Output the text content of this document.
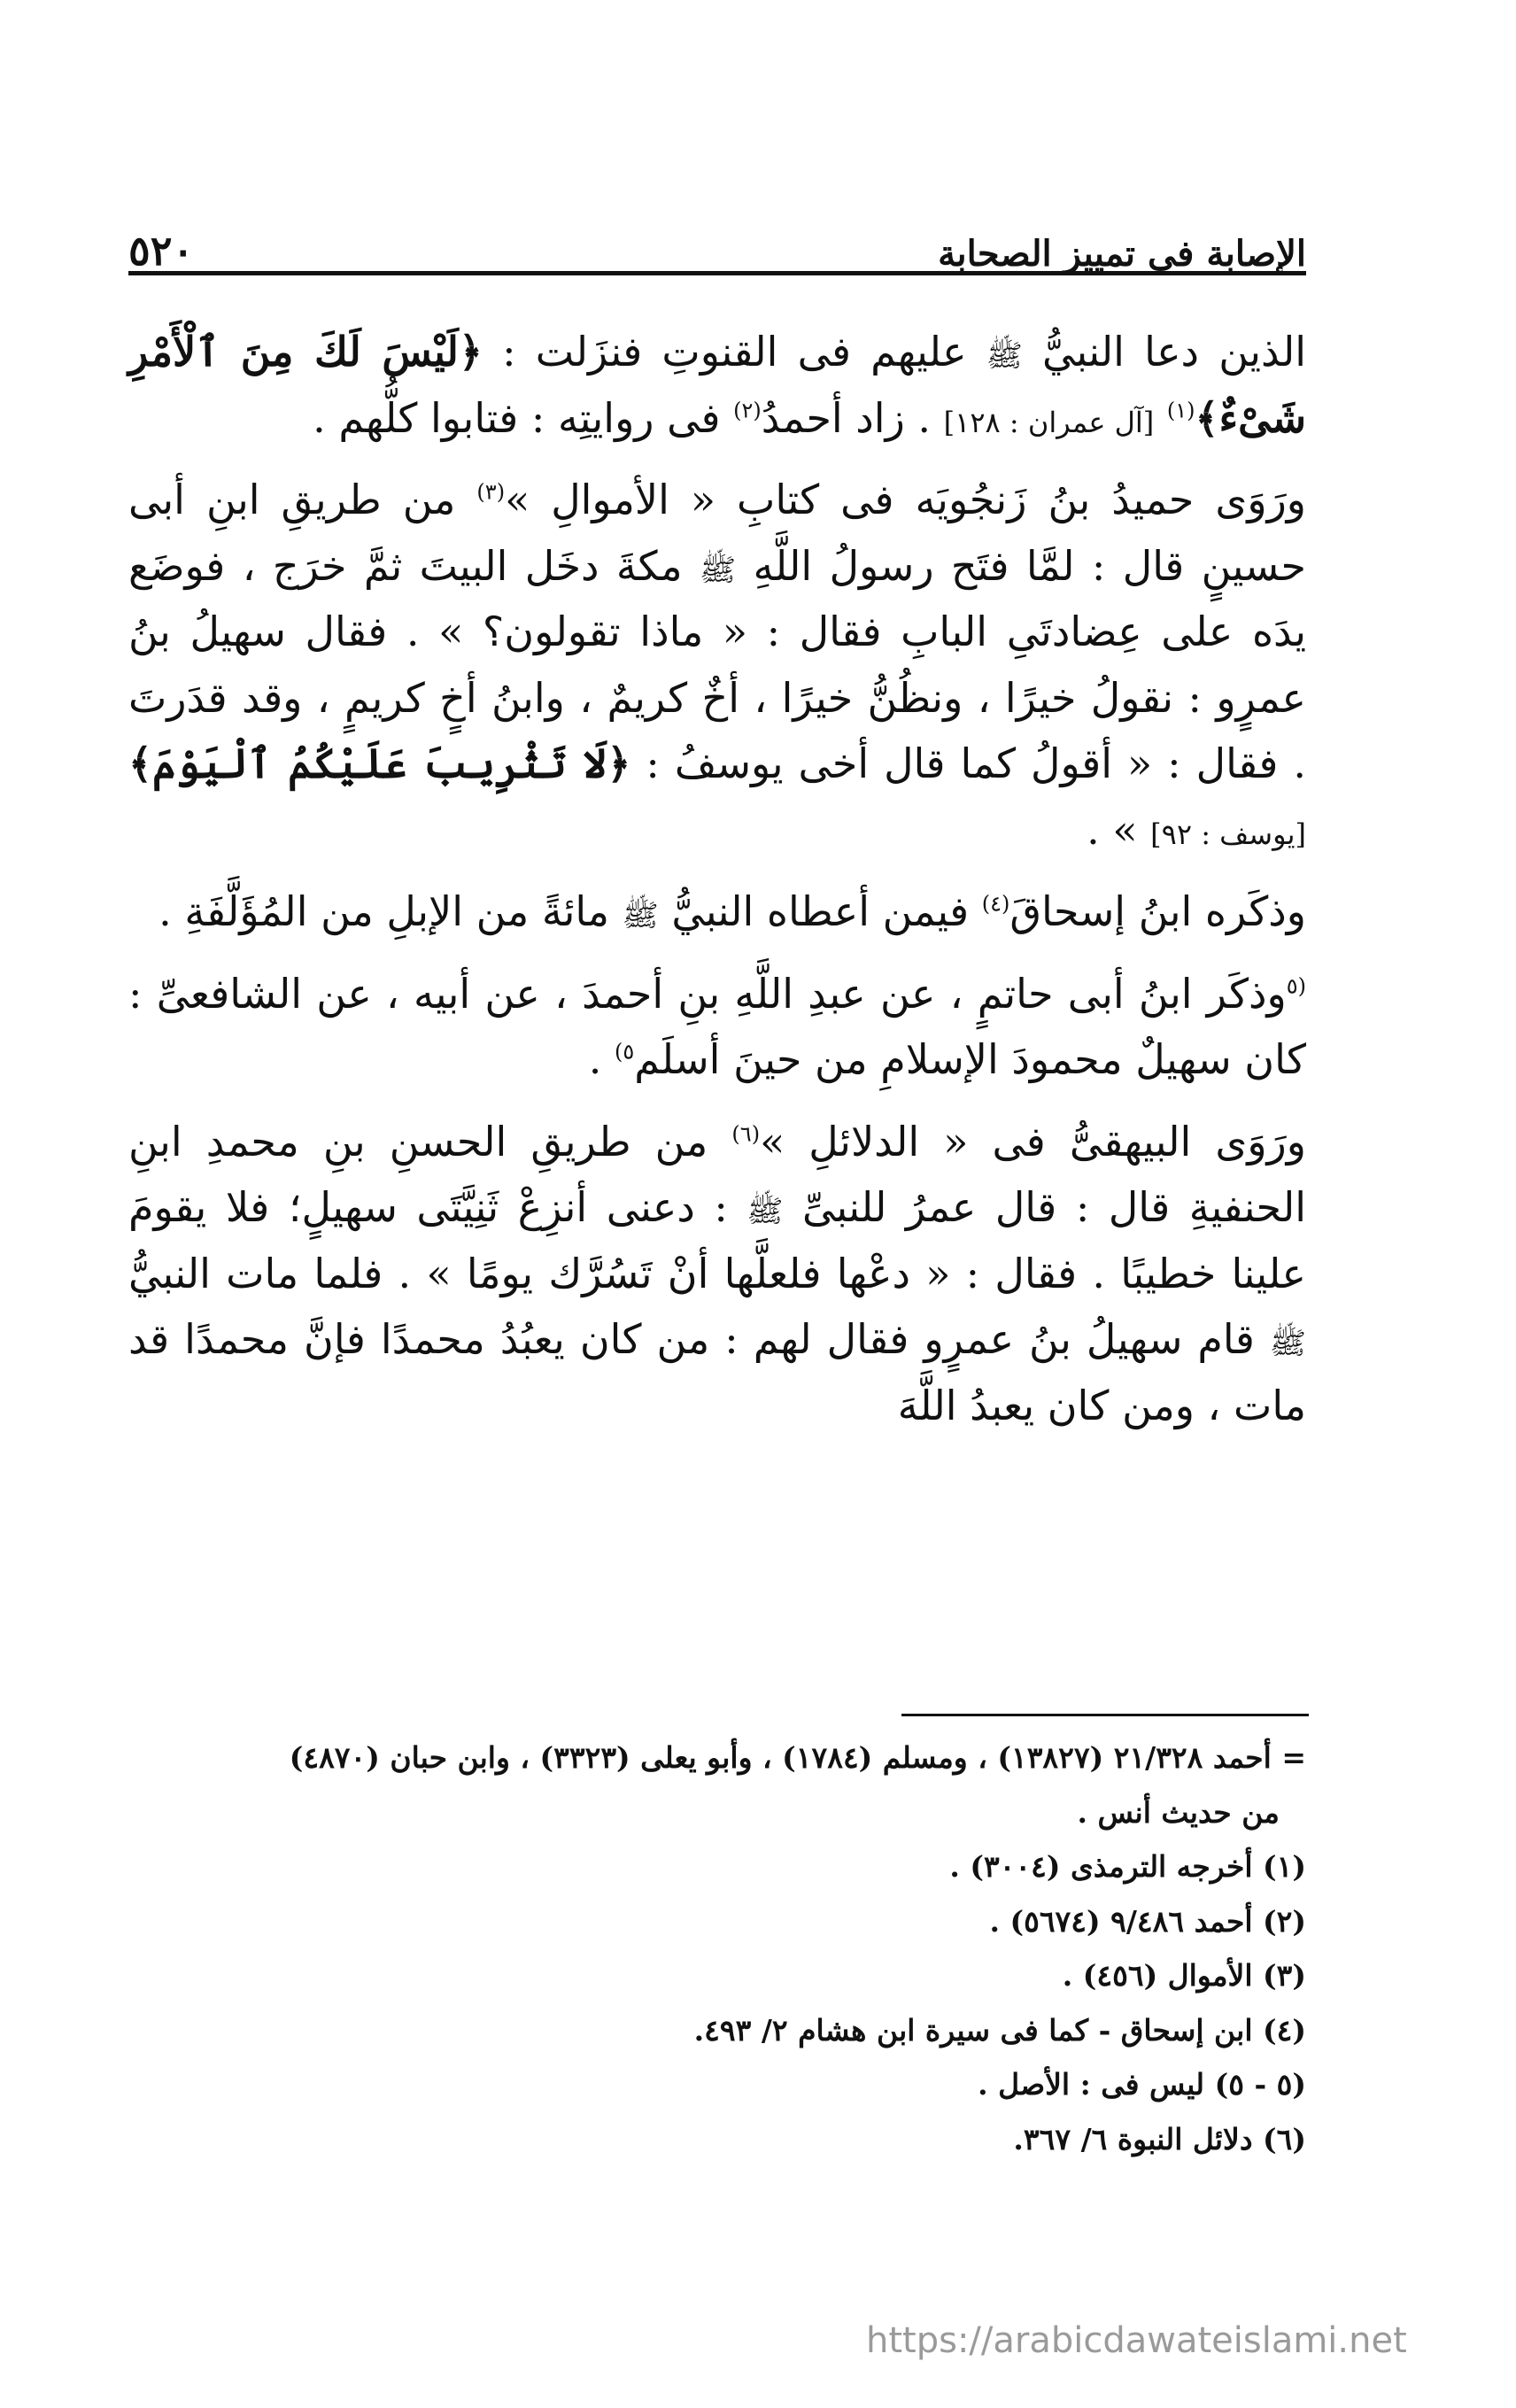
الإصابة فى تمييز الصحابة
٥٢٠

الذين دعا النبيُّ ﷺ عليهم فى القنوتِ فنزَلت : ﴿لَيْسَ لَكَ مِنَ ٱلْأَمْرِ شَىْءٌ﴾$^{(١)}$ [آل عمران : ١٢٨] . زاد أحمدُ$^{(٢)}$ فى روايتِه : فتابوا كلُّهم .

ورَوَى حميدُ بنُ زَنجُويَه فى كتابِ « الأموالِ »$^{(٣)}$ من طريقِ ابنِ أبى حسينٍ قال : لمَّا فتَح رسولُ اللَّهِ ﷺ مكةَ دخَل البيتَ ثمَّ خرَج ، فوضَع يدَه على عِضادتَىِ البابِ فقال : « ماذا تقولون؟ » . فقال سهيلُ بنُ عمرٍو : نقولُ خيرًا ، ونظُنُّ خيرًا ، أخٌ كريمٌ ، وابنُ أخٍ كريمٍ ، وقد قدَرتَ . فقال : « أقولُ كما قال أخى يوسفُ : ﴿لَا تَثْرِيبَ عَلَيْكُمُ ٱلْيَوْمَ﴾ [يوسف : ٩٢] » .

وذكَره ابنُ إسحاقَ$^{(٤)}$ فيمن أعطاه النبيُّ ﷺ مائةً من الإبلِ من المُؤَلَّفَةِ .

$^{(٥}$وذكَر ابنُ أبى حاتمٍ ، عن عبدِ اللَّهِ بنِ أحمدَ ، عن أبيه ، عن الشافعىِّ : كان سهيلٌ محمودَ الإسلامِ من حينَ أسلَم$^{٥)}$ .

ورَوَى البيهقىُّ فى « الدلائلِ »$^{(٦)}$ من طريقِ الحسنِ بنِ محمدِ ابنِ الحنفيةِ قال : قال عمرُ للنبىِّ ﷺ : دعنى أنزِعْ ثَنِيَّتَى سهيلٍ؛ فلا يقومَ علينا خطيبًا . فقال : « دعْها فلعلَّها أنْ تَسُرَّك يومًا » . فلما مات النبيُّ ﷺ قام سهيلُ بنُ عمرٍو فقال لهم : من كان يعبُدُ محمدًا فإنَّ محمدًا قد مات ، ومن كان يعبدُ اللَّهَ

= أحمد ٢١/٣٢٨ (١٣٨٢٧) ، ومسلم (١٧٨٤) ، وأبو يعلى (٣٣٢٣) ، وابن حبان (٤٨٧٠)
من حديث أنس .
(١) أخرجه الترمذى (٣٠٠٤) .
(٢) أحمد ٩/٤٨٦ (٥٦٧٤) .
(٣) الأموال (٤٥٦) .
(٤) ابن إسحاق - كما فى سيرة ابن هشام ٢/ ٤٩٣.
(٥ - ٥) ليس فى : الأصل .
(٦) دلائل النبوة ٦/ ٣٦٧.
https://arabicdawateislami.net
